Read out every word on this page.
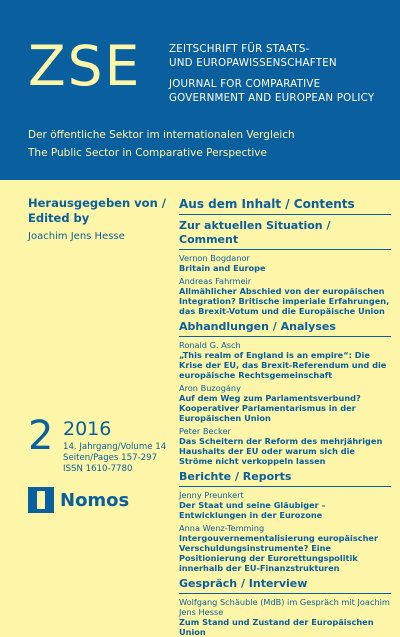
ZSE	ZEITSCHRIFT FÜR STAATS-
UND EUROPAWISSENSCHAFTEN
JOURNAL FOR COMPARATIVE
GOVERNMENT AND EUROPEAN POLICY
Der öffentliche Sektor im internationalen Vergleich
The Public Sector in Comparative Perspective
Herausgegeben von /
Edited by
Joachim Jens Hesse
2 2016
14. Jahrgang/Volume 14
Seiten/Pages 157-297
ISSN 1610-7780
Nomos
Aus dem Inhalt / Contents
Zur aktuellen Situation / Comment
Vernon Bogdanor
Britain and Europe
Andreas Fahrmeir
Allmählicher Abschied von der europäischen Integration? Britische imperiale Erfahrungen, das Brexit-Votum und die Europäische Union
Abhandlungen / Analyses
Ronald G. Asch
„This realm of England is an empire“: Die Krise der EU, das Brexit-Referendum und die europäische Rechtsgemeinschaft
Aron Buzogány
Auf dem Weg zum Parlamentsverbund? Kooperativer Parlamentarismus in der Europäischen Union
Peter Becker
Das Scheitern der Reform des mehrjährigen Haushalts der EU oder warum sich die Ströme nicht verkoppeln lassen
Berichte / Reports
Jenny Preunkert
Der Staat und seine Gläubiger – Entwicklungen in der Eurozone
Anna Wenz-Temming
Intergouvernementalisierung europäischer Verschuldungsinstrumente? Eine Positionierung der Eurorettungspolitik innerhalb der EU-Finanzstrukturen
Gespräch / Interview
Wolfgang Schäuble (MdB) im Gespräch mit Joachim Jens Hesse
Zum Stand und Zustand der Europäischen Union
